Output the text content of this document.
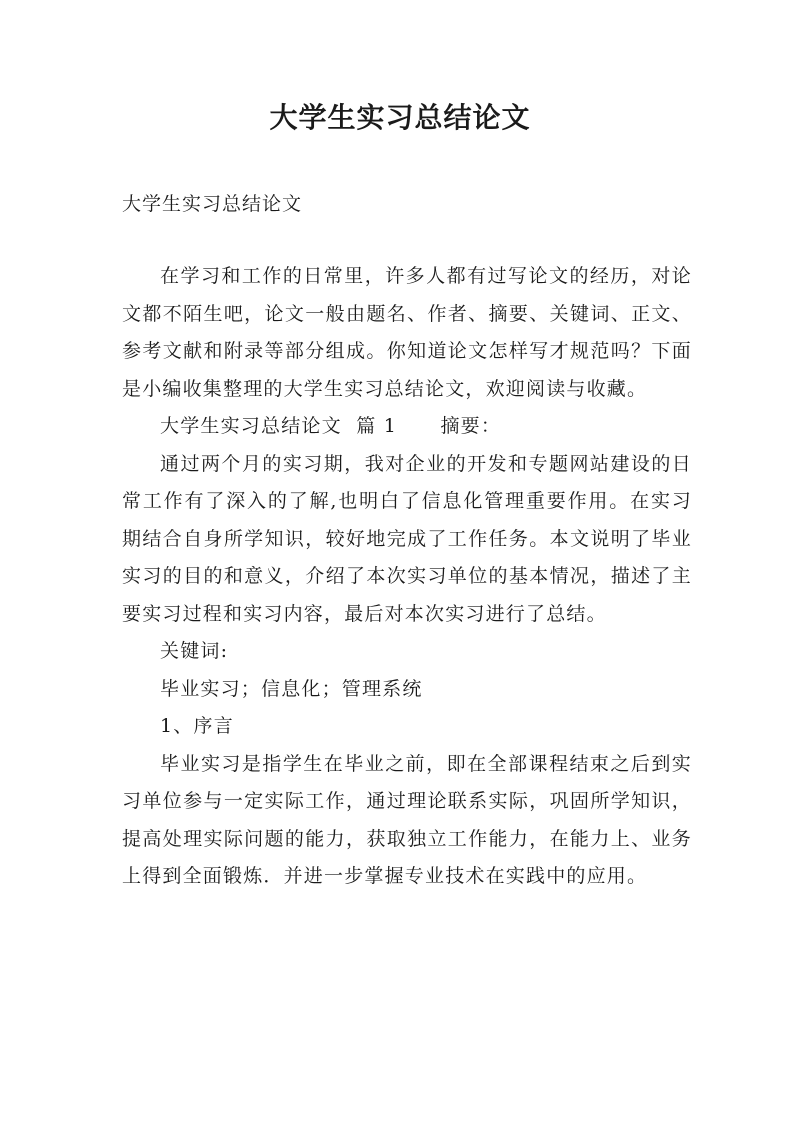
大学生实习总结论文

大学生实习总结论文

在学习和工作的日常里，许多人都有过写论文的经历，对论文都不陌生吧，论文一般由题名、作者、摘要、关键词、正文、参考文献和附录等部分组成。你知道论文怎样写才规范吗？下面是小编收集整理的大学生实习总结论文，欢迎阅读与收藏。

大学生实习总结论文  篇 1      摘要：

通过两个月的实习期，我对企业的开发和专题网站建设的日常工作有了深入的了解,也明白了信息化管理重要作用。在实习期结合自身所学知识，较好地完成了工作任务。本文说明了毕业实习的目的和意义，介绍了本次实习单位的基本情况，描述了主要实习过程和实习内容，最后对本次实习进行了总结。

关键词:

毕业实习；信息化；管理系统

1、序言

毕业实习是指学生在毕业之前，即在全部课程结束之后到实习单位参与一定实际工作，通过理论联系实际，巩固所学知识，提高处理实际问题的能力，获取独立工作能力，在能力上、业务上得到全面锻炼．并进一步掌握专业技术在实践中的应用。
